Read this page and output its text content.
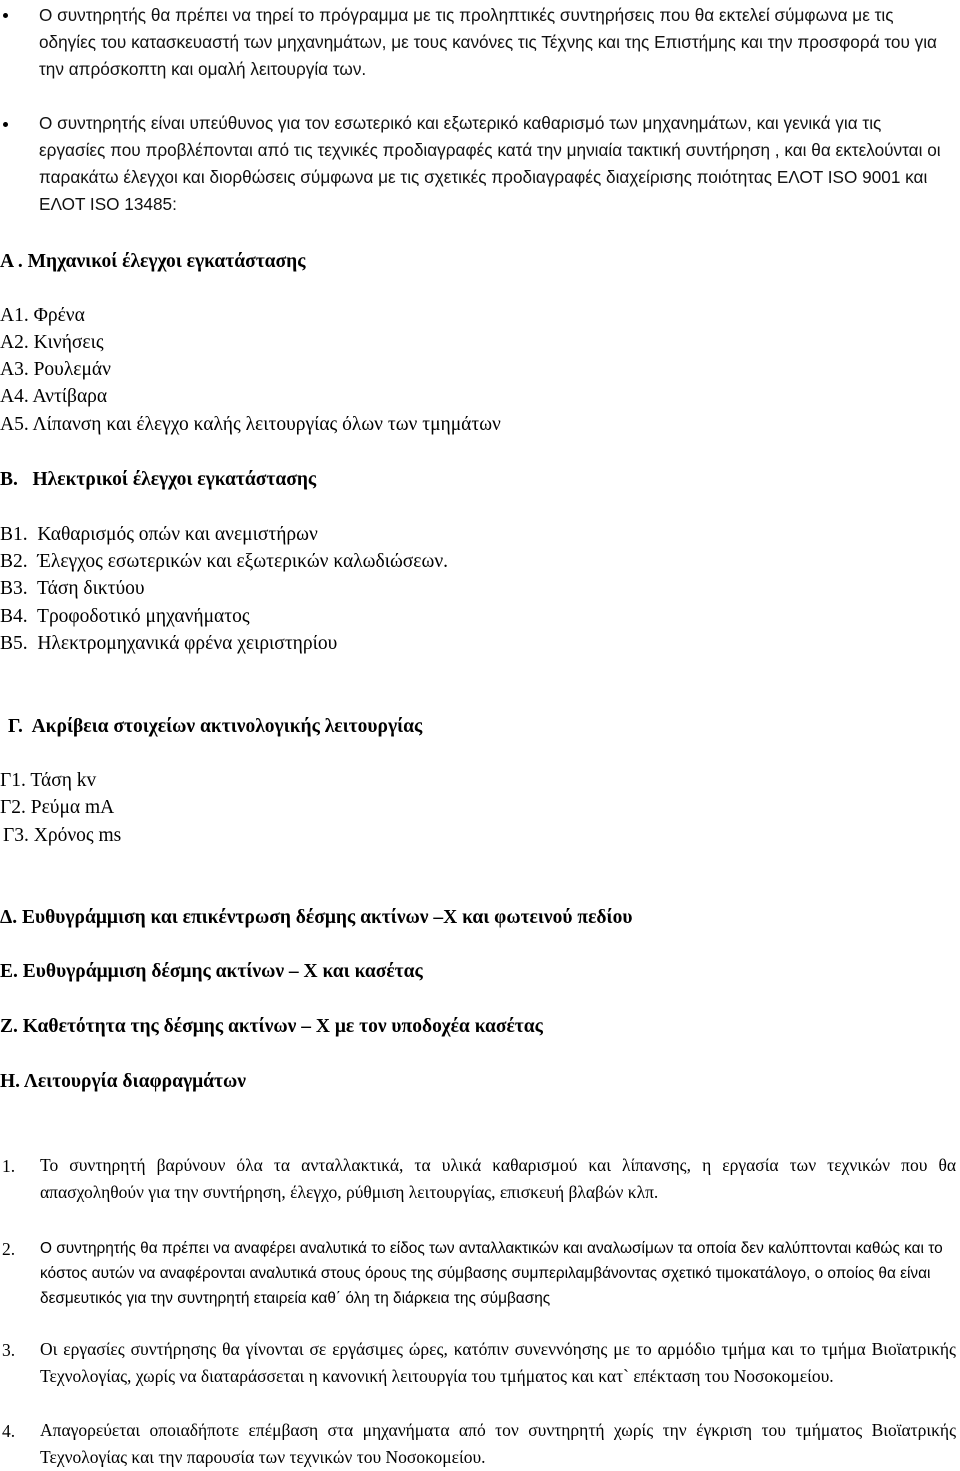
Ο συντηρητής θα πρέπει να τηρεί το πρόγραμμα με τις προληπτικές συντηρήσεις που θα εκτελεί σύμφωνα με τις οδηγίες του κατασκευαστή των μηχανημάτων, με τους κανόνες τις Τέχνης και της Επιστήμης και την προσφορά του για την απρόσκοπτη και ομαλή λειτουργία των.
Ο συντηρητής είναι υπεύθυνος για τον εσωτερικό και εξωτερικό καθαρισμό των μηχανημάτων, και γενικά για τις εργασίες που προβλέπονται από τις τεχνικές προδιαγραφές κατά την μηνιαία τακτική συντήρηση , και θα εκτελούνται οι παρακάτω έλεγχοι και διορθώσεις σύμφωνα με τις σχετικές προδιαγραφές διαχείρισης ποιότητας ΕΛΟΤ ISO 9001 και ΕΛΟΤ ISO 13485:
Α . Μηχανικοί έλεγχοι εγκατάστασης
Α1. Φρένα
Α2. Κινήσεις
Α3. Ρουλεμάν
Α4. Αντίβαρα
Α5. Λίπανση και έλεγχο καλής λειτουργίας όλων των τμημάτων
Β.   Ηλεκτρικοί έλεγχοι εγκατάστασης
Β1.  Καθαρισμός οπών και ανεμιστήρων
Β2.  Έλεγχος εσωτερικών και εξωτερικών καλωδιώσεων.
Β3.  Τάση δικτύου
Β4.  Τροφοδοτικό μηχανήματος
Β5.  Ηλεκτρομηχανικά φρένα χειριστηρίου
Γ.  Ακρίβεια στοιχείων ακτινολογικής λειτουργίας
Γ1. Τάση kv
Γ2. Ρεύμα mA
Γ3. Χρόνος ms
Δ. Ευθυγράμμιση και επικέντρωση δέσμης ακτίνων –Χ και φωτεινού πεδίου
Ε. Ευθυγράμμιση δέσμης ακτίνων – Χ και κασέτας
Ζ. Καθετότητα της δέσμης ακτίνων – Χ με τον υποδοχέα κασέτας
Η. Λειτουργία διαφραγμάτων
1. Το συντηρητή βαρύνουν όλα τα ανταλλακτικά, τα υλικά καθαρισμού και λίπανσης, η εργασία των τεχνικών που θα απασχοληθούν για την συντήρηση, έλεγχο, ρύθμιση λειτουργίας, επισκευή βλαβών κλπ.
2. Ο συντηρητής θα πρέπει να αναφέρει αναλυτικά το είδος των ανταλλακτικών και αναλωσίμων τα οποία δεν καλύπτονται καθώς και το κόστος αυτών να αναφέρονται αναλυτικά στους όρους της σύμβασης συμπεριλαμβάνοντας σχετικό τιμοκατάλογο, ο οποίος θα είναι δεσμευτικός για την συντηρητή εταιρεία καθ΄ όλη τη διάρκεια της σύμβασης
3. Οι εργασίες συντήρησης θα γίνονται σε εργάσιμες ώρες, κατόπιν συνεννόησης με το αρμόδιο τμήμα και το τμήμα Βιοϊατρικής Τεχνολογίας, χωρίς να διαταράσσεται η κανονική λειτουργία του τμήματος και κατ` επέκταση του Νοσοκομείου.
4. Απαγορεύεται οποιαδήποτε επέμβαση στα μηχανήματα από τον συντηρητή χωρίς την έγκριση του τμήματος Βιοϊατρικής Τεχνολογίας και την παρουσία των τεχνικών του Νοσοκομείου.
